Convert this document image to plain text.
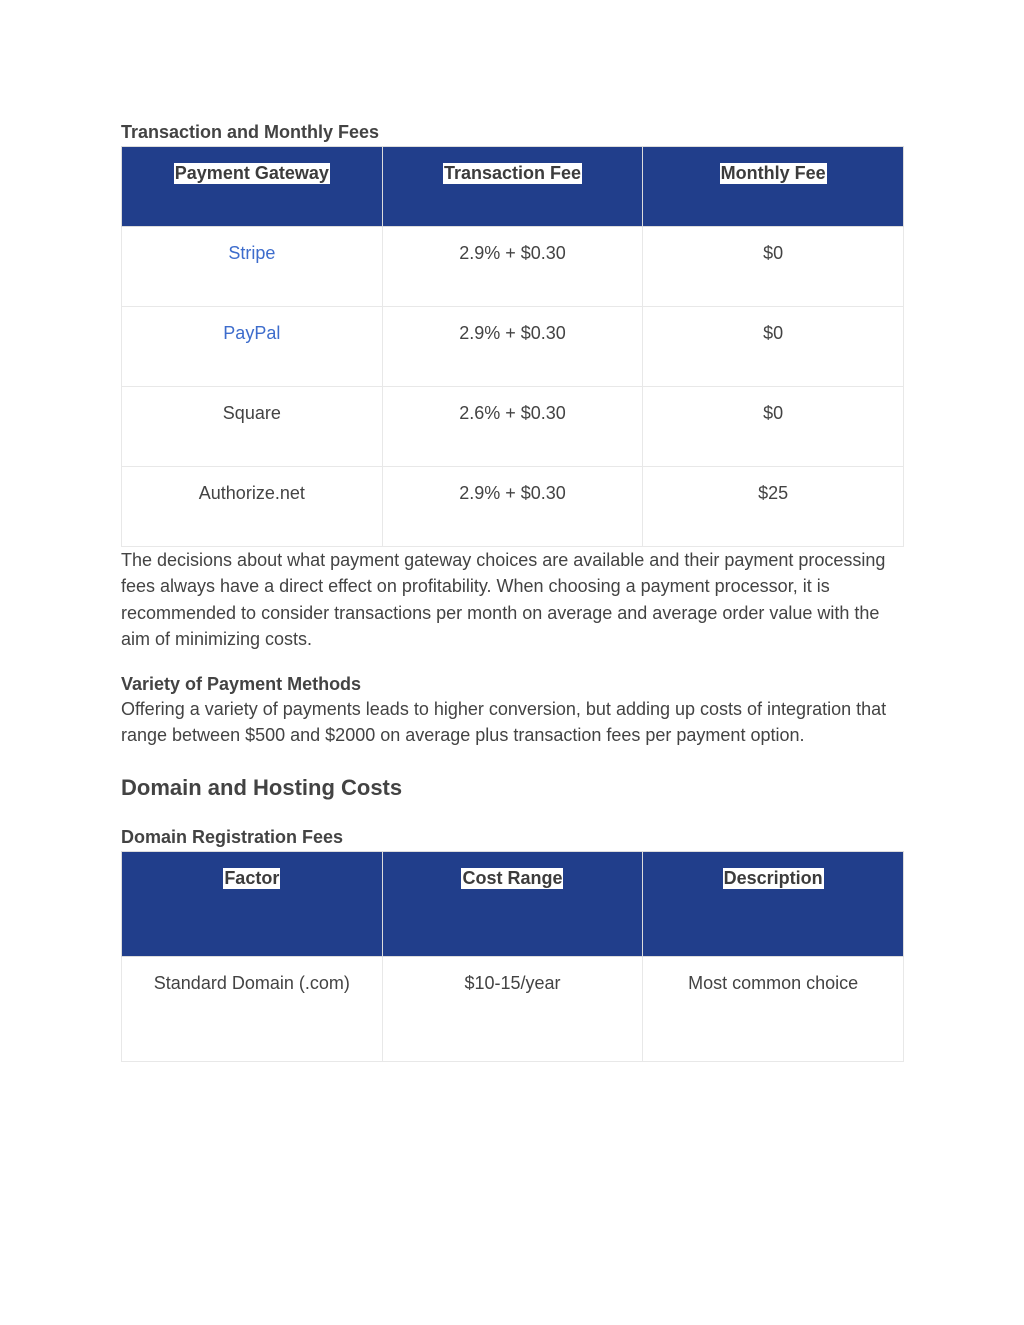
Transaction and Monthly Fees

Payment Gateway	Transaction Fee	Monthly Fee
Stripe	2.9% + $0.30	$0
PayPal	2.9% + $0.30	$0
Square	2.6% + $0.30	$0
Authorize.net	2.9% + $0.30	$25

The decisions about what payment gateway choices are available and their payment processing fees always have a direct effect on profitability. When choosing a payment processor, it is recommended to consider transactions per month on average and average order value with the aim of minimizing costs.

Variety of Payment Methods

Offering a variety of payments leads to higher conversion, but adding up costs of integration that range between $500 and $2000 on average plus transaction fees per payment option.

Domain and Hosting Costs

Domain Registration Fees

Factor	Cost Range	Description
Standard Domain (.com)	$10-15/year	Most common choice
